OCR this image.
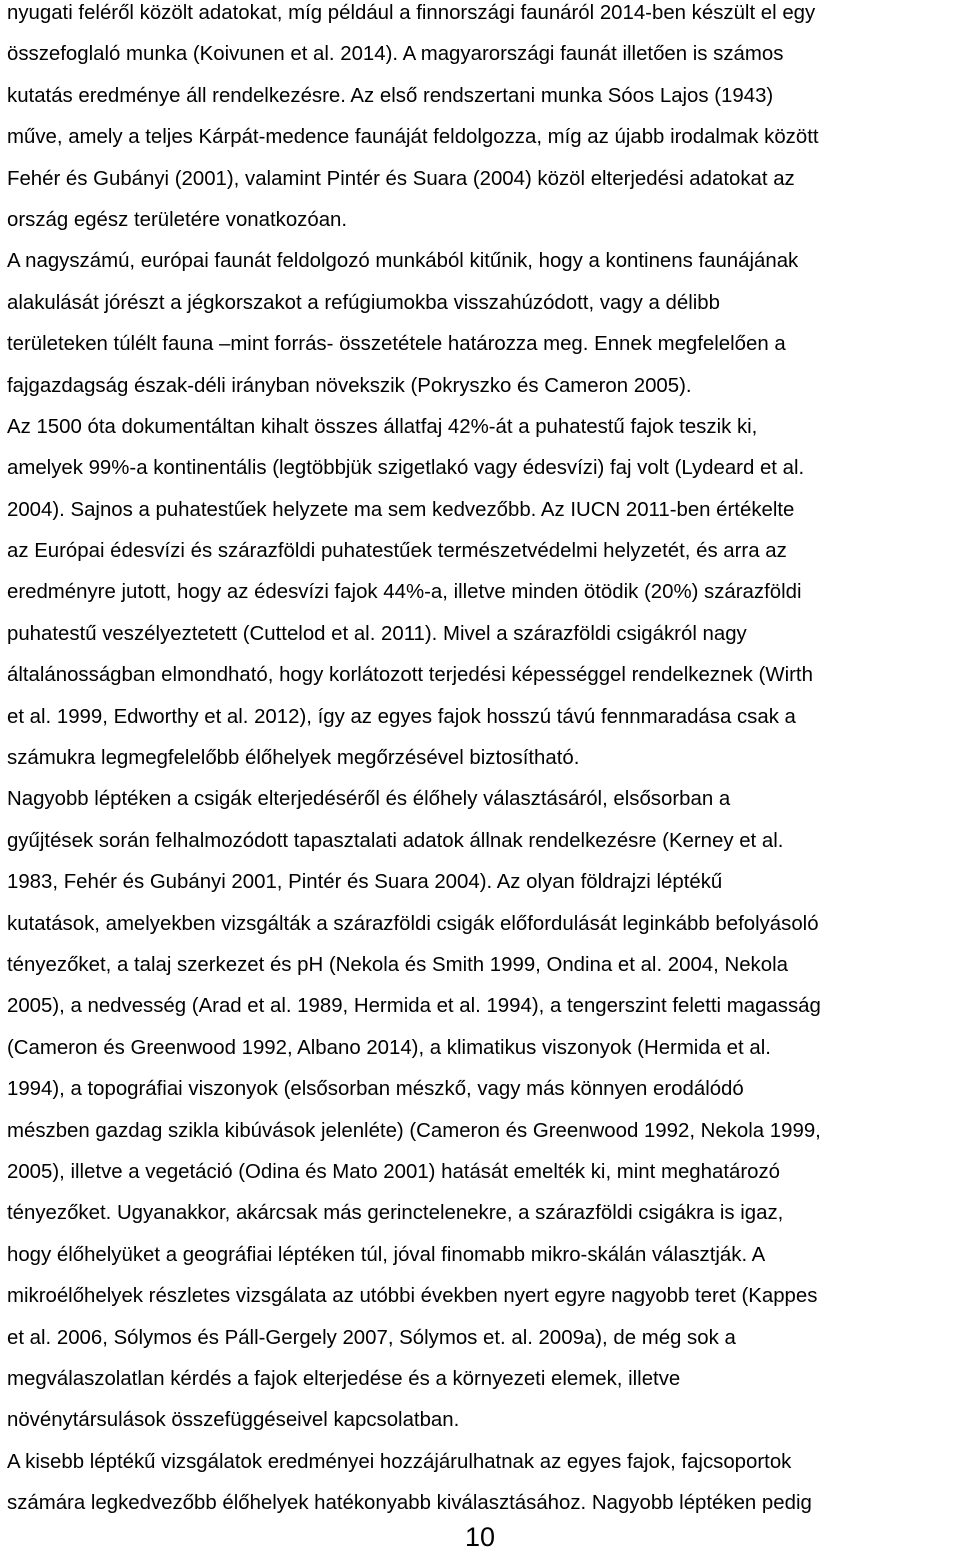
nyugati feléről közölt adatokat, míg például a finnországi faunáról 2014-ben készült el egy
összefoglaló munka (Koivunen et al. 2014). A magyarországi faunát illetően is számos
kutatás eredménye áll rendelkezésre. Az első rendszertani munka Sóos Lajos (1943)
műve, amely a teljes Kárpát-medence faunáját feldolgozza, míg az újabb irodalmak között
Fehér és Gubányi (2001), valamint Pintér és Suara (2004) közöl elterjedési adatokat az
ország egész területére vonatkozóan.
A nagyszámú, európai faunát feldolgozó munkából kitűnik, hogy a kontinens faunájának
alakulását jórészt a jégkorszakot a refúgiumokba visszahúzódott, vagy a délibb
területeken túlélt fauna ‒mint forrás- összetétele határozza meg. Ennek megfelelően a
fajgazdagság észak-déli irányban növekszik (Pokryszko és Cameron 2005).
Az 1500 óta dokumentáltan kihalt összes állatfaj 42%-át a puhatestű fajok teszik ki,
amelyek 99%-a kontinentális (legtöbbjük szigetlakó vagy édesvízi) faj volt (Lydeard et al.
2004). Sajnos a puhatestűek helyzete ma sem kedvezőbb. Az IUCN 2011-ben értékelte
az Európai édesvízi és szárazföldi puhatestűek természetvédelmi helyzetét, és arra az
eredményre jutott, hogy az édesvízi fajok 44%-a, illetve minden ötödik (20%) szárazföldi
puhatestű veszélyeztetett (Cuttelod et al. 2011). Mivel a szárazföldi csigákról nagy
általánosságban elmondható, hogy korlátozott terjedési képességgel rendelkeznek (Wirth
et al. 1999, Edworthy et al. 2012), így az egyes fajok hosszú távú fennmaradása csak a
számukra legmegfelelőbb élőhelyek megőrzésével biztosítható.
Nagyobb léptéken a csigák elterjedéséről és élőhely választásáról, elsősorban a
gyűjtések során felhalmozódott tapasztalati adatok állnak rendelkezésre (Kerney et al.
1983, Fehér és Gubányi 2001, Pintér és Suara 2004). Az olyan földrajzi léptékű
kutatások, amelyekben vizsgálták a szárazföldi csigák előfordulását leginkább befolyásoló
tényezőket, a talaj szerkezet és pH (Nekola és Smith 1999, Ondina et al. 2004, Nekola
2005), a nedvesség (Arad et al. 1989, Hermida et al. 1994), a tengerszint feletti magasság
(Cameron és Greenwood 1992, Albano 2014), a klimatikus viszonyok (Hermida et al.
1994), a topográfiai viszonyok (elsősorban mészkő, vagy más könnyen erodálódó
mészben gazdag szikla kibúvások jelenléte) (Cameron és Greenwood 1992, Nekola 1999,
2005), illetve a vegetáció (Odina és Mato 2001) hatását emelték ki, mint meghatározó
tényezőket. Ugyanakkor, akárcsak más gerinctelenekre, a szárazföldi csigákra is igaz,
hogy élőhelyüket a geográfiai léptéken túl, jóval finomabb mikro-skálán választják. A
mikroélőhelyek részletes vizsgálata az utóbbi években nyert egyre nagyobb teret (Kappes
et al. 2006, Sólymos és Páll-Gergely 2007, Sólymos et. al. 2009a), de még sok a
megválaszolatlan kérdés a fajok elterjedése és a környezeti elemek, illetve
növénytársulások összefüggéseivel kapcsolatban.
A kisebb léptékű vizsgálatok eredményei hozzájárulhatnak az egyes fajok, fajcsoportok
számára legkedvezőbb élőhelyek hatékonyabb kiválasztásához. Nagyobb léptéken pedig
10
